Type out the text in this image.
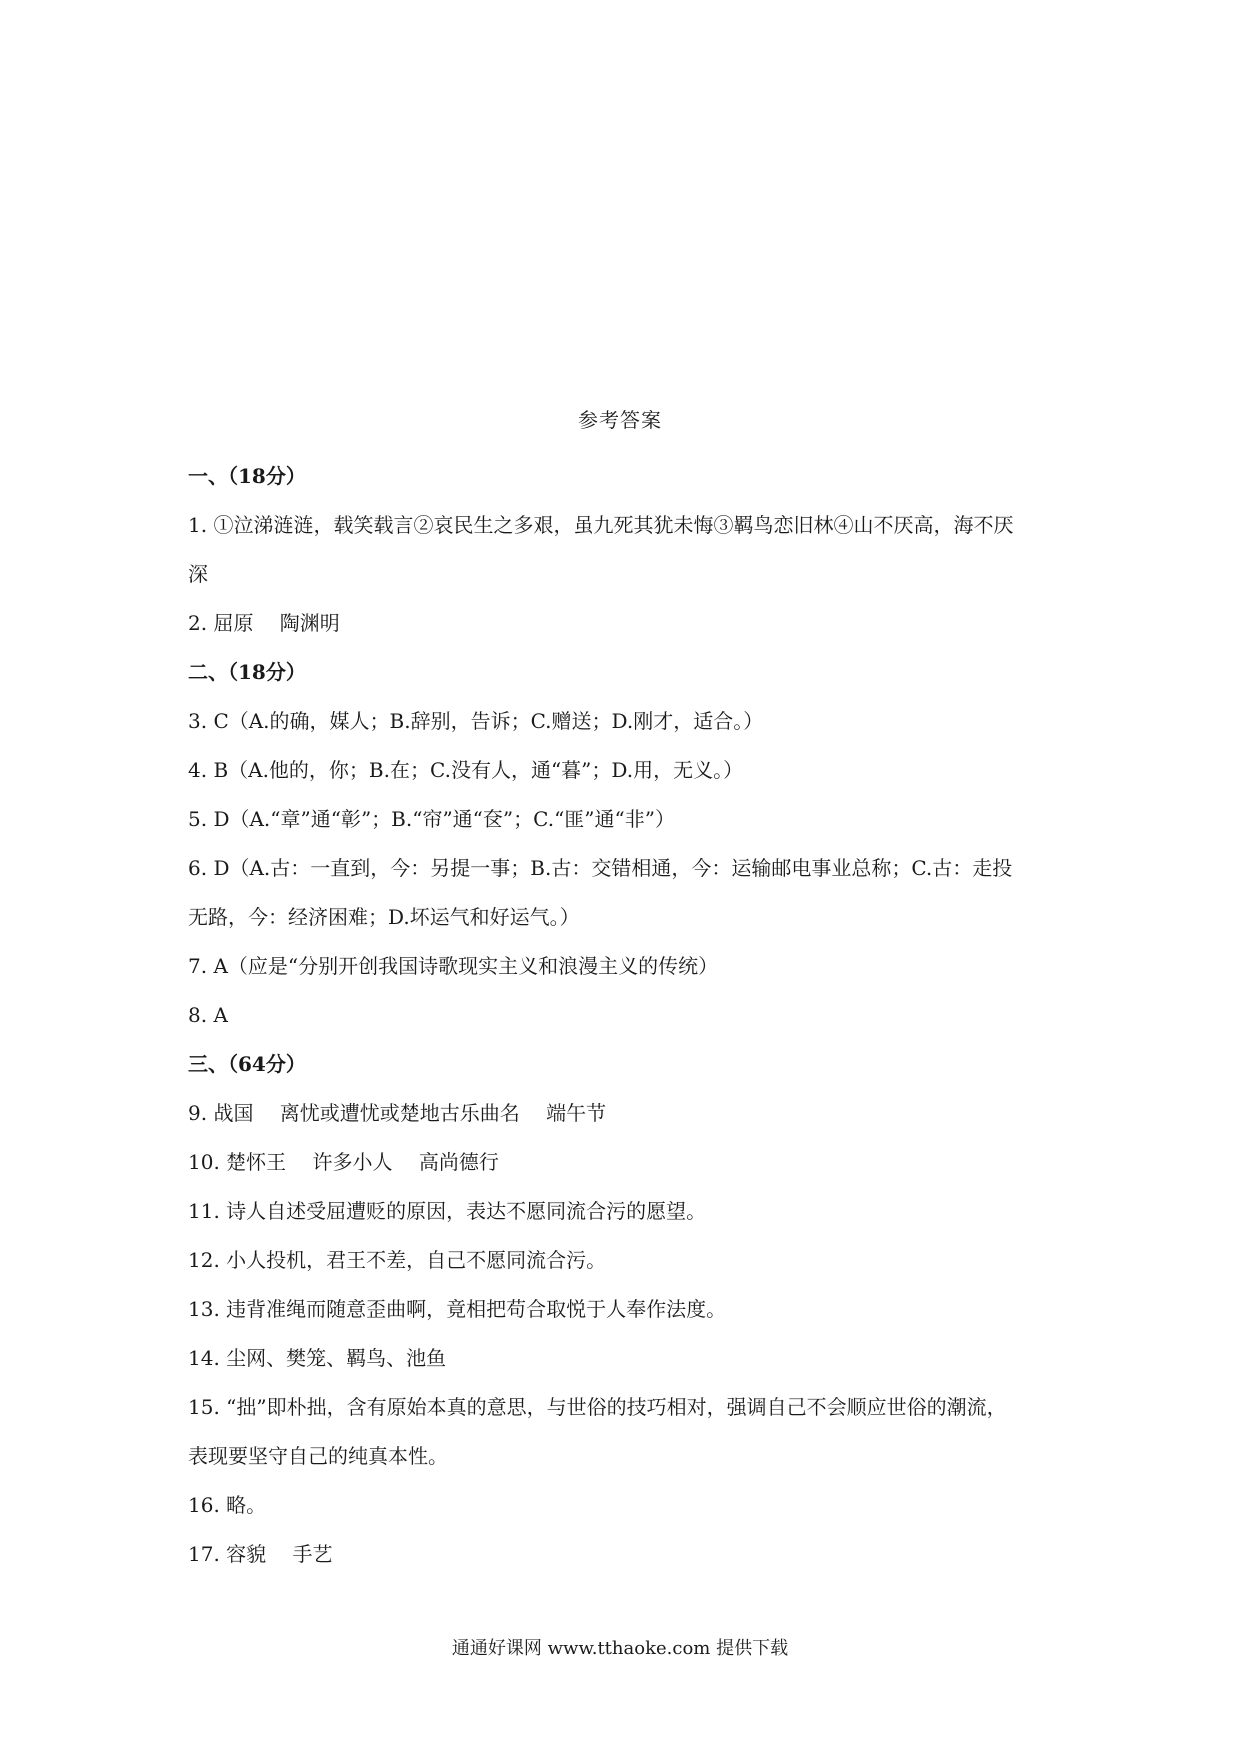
参考答案

一、（18分）

1. ①泣涕涟涟，载笑载言②哀民生之多艰，虽九死其犹未悔③羁鸟恋旧林④山不厌高，海不厌

深

2. 屈原　 陶渊明

二、（18分）

3. C（A.的确，媒人；B.辞别，告诉；C.赠送；D.刚才，适合。）

4. B（A.他的，你；B.在；C.没有人，通“暮”；D.用，无义。）

5. D（A.“章”通“彰”；B.“帘”通“奁”；C.“匪”通“非”）

6. D（A.古：一直到，今：另提一事；B.古：交错相通，今：运输邮电事业总称；C.古：走投

无路，今：经济困难；D.坏运气和好运气。）

7. A（应是“分别开创我国诗歌现实主义和浪漫主义的传统）

8. A

三、（64分）

9. 战国　 离忧或遭忧或楚地古乐曲名　 端午节

10. 楚怀王　 许多小人　 高尚德行

11. 诗人自述受屈遭贬的原因，表达不愿同流合污的愿望。

12. 小人投机，君王不差，自己不愿同流合污。

13. 违背准绳而随意歪曲啊，竟相把苟合取悦于人奉作法度。

14. 尘网、樊笼、羁鸟、池鱼

15. “拙”即朴拙，含有原始本真的意思，与世俗的技巧相对，强调自己不会顺应世俗的潮流，

表现要坚守自己的纯真本性。

16. 略。

17. 容貌　 手艺

通通好课网 www.tthaoke.com 提供下载
